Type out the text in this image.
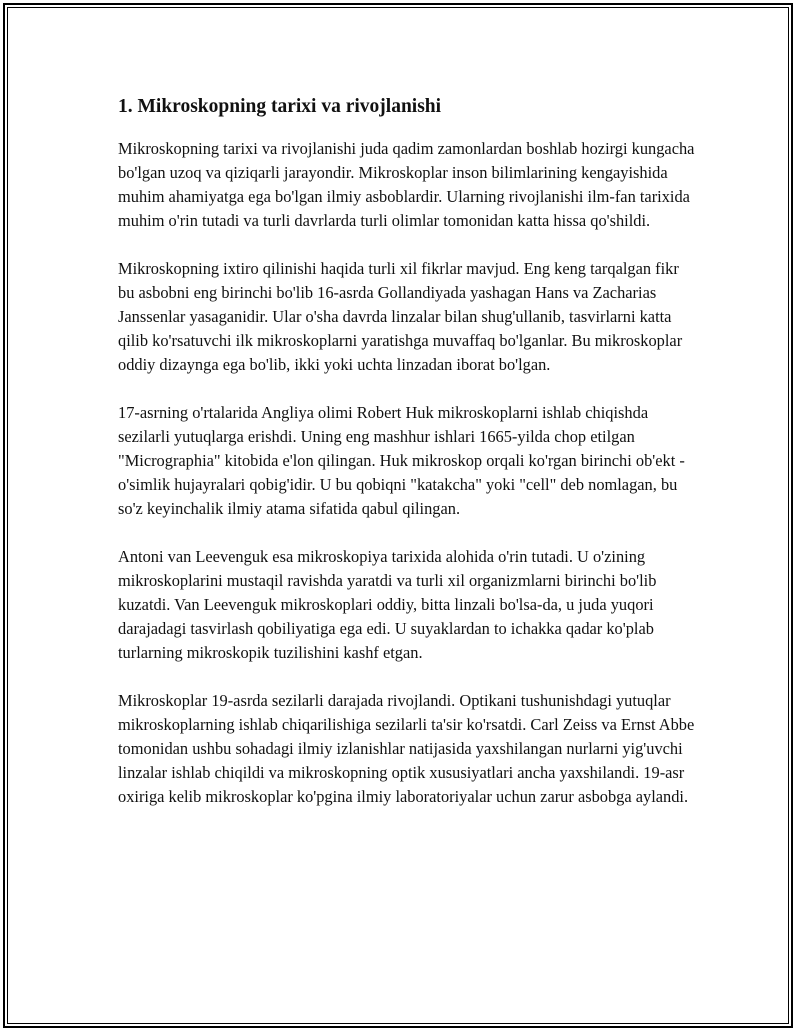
1. Mikroskopning tarixi va rivojlanishi

Mikroskopning tarixi va rivojlanishi juda qadim zamonlardan boshlab hozirgi kungacha bo'lgan uzoq va qiziqarli jarayondir. Mikroskoplar inson bilimlarining kengayishida muhim ahamiyatga ega bo'lgan ilmiy asboblardir. Ularning rivojlanishi ilm-fan tarixida muhim o'rin tutadi va turli davrlarda turli olimlar tomonidan katta hissa qo'shildi.

Mikroskopning ixtiro qilinishi haqida turli xil fikrlar mavjud. Eng keng tarqalgan fikr bu asbobni eng birinchi bo'lib 16-asrda Gollandiyada yashagan Hans va Zacharias Janssenlar yasaganidir. Ular o'sha davrda linzalar bilan shug'ullanib, tasvirlarni katta qilib ko'rsatuvchi ilk mikroskoplarni yaratishga muvaffaq bo'lganlar. Bu mikroskoplar oddiy dizaynga ega bo'lib, ikki yoki uchta linzadan iborat bo'lgan.

17-asrning o'rtalarida Angliya olimi Robert Huk mikroskoplarni ishlab chiqishda sezilarli yutuqlarga erishdi. Uning eng mashhur ishlari 1665-yilda chop etilgan "Micrographia" kitobida e'lon qilingan. Huk mikroskop orqali ko'rgan birinchi ob'ekt - o'simlik hujayralari qobig'idir. U bu qobiqni "katakcha" yoki "cell" deb nomlagan, bu so'z keyinchalik ilmiy atama sifatida qabul qilingan.

Antoni van Leevenguk esa mikroskopiya tarixida alohida o'rin tutadi. U o'zining mikroskoplarini mustaqil ravishda yaratdi va turli xil organizmlarni birinchi bo'lib kuzatdi. Van Leevenguk mikroskoplari oddiy, bitta linzali bo'lsa-da, u juda yuqori darajadagi tasvirlash qobiliyatiga ega edi. U suyaklardan to ichakka qadar ko'plab turlarning mikroskopik tuzilishini kashf etgan.

Mikroskoplar 19-asrda sezilarli darajada rivojlandi. Optikani tushunishdagi yutuqlar mikroskoplarning ishlab chiqarilishiga sezilarli ta'sir ko'rsatdi. Carl Zeiss va Ernst Abbe tomonidan ushbu sohadagi ilmiy izlanishlar natijasida yaxshilangan nurlarni yig'uvchi linzalar ishlab chiqildi va mikroskopning optik xususiyatlari ancha yaxshilandi. 19-asr oxiriga kelib mikroskoplar ko'pgina ilmiy laboratoriyalar uchun zarur asbobga aylandi.
